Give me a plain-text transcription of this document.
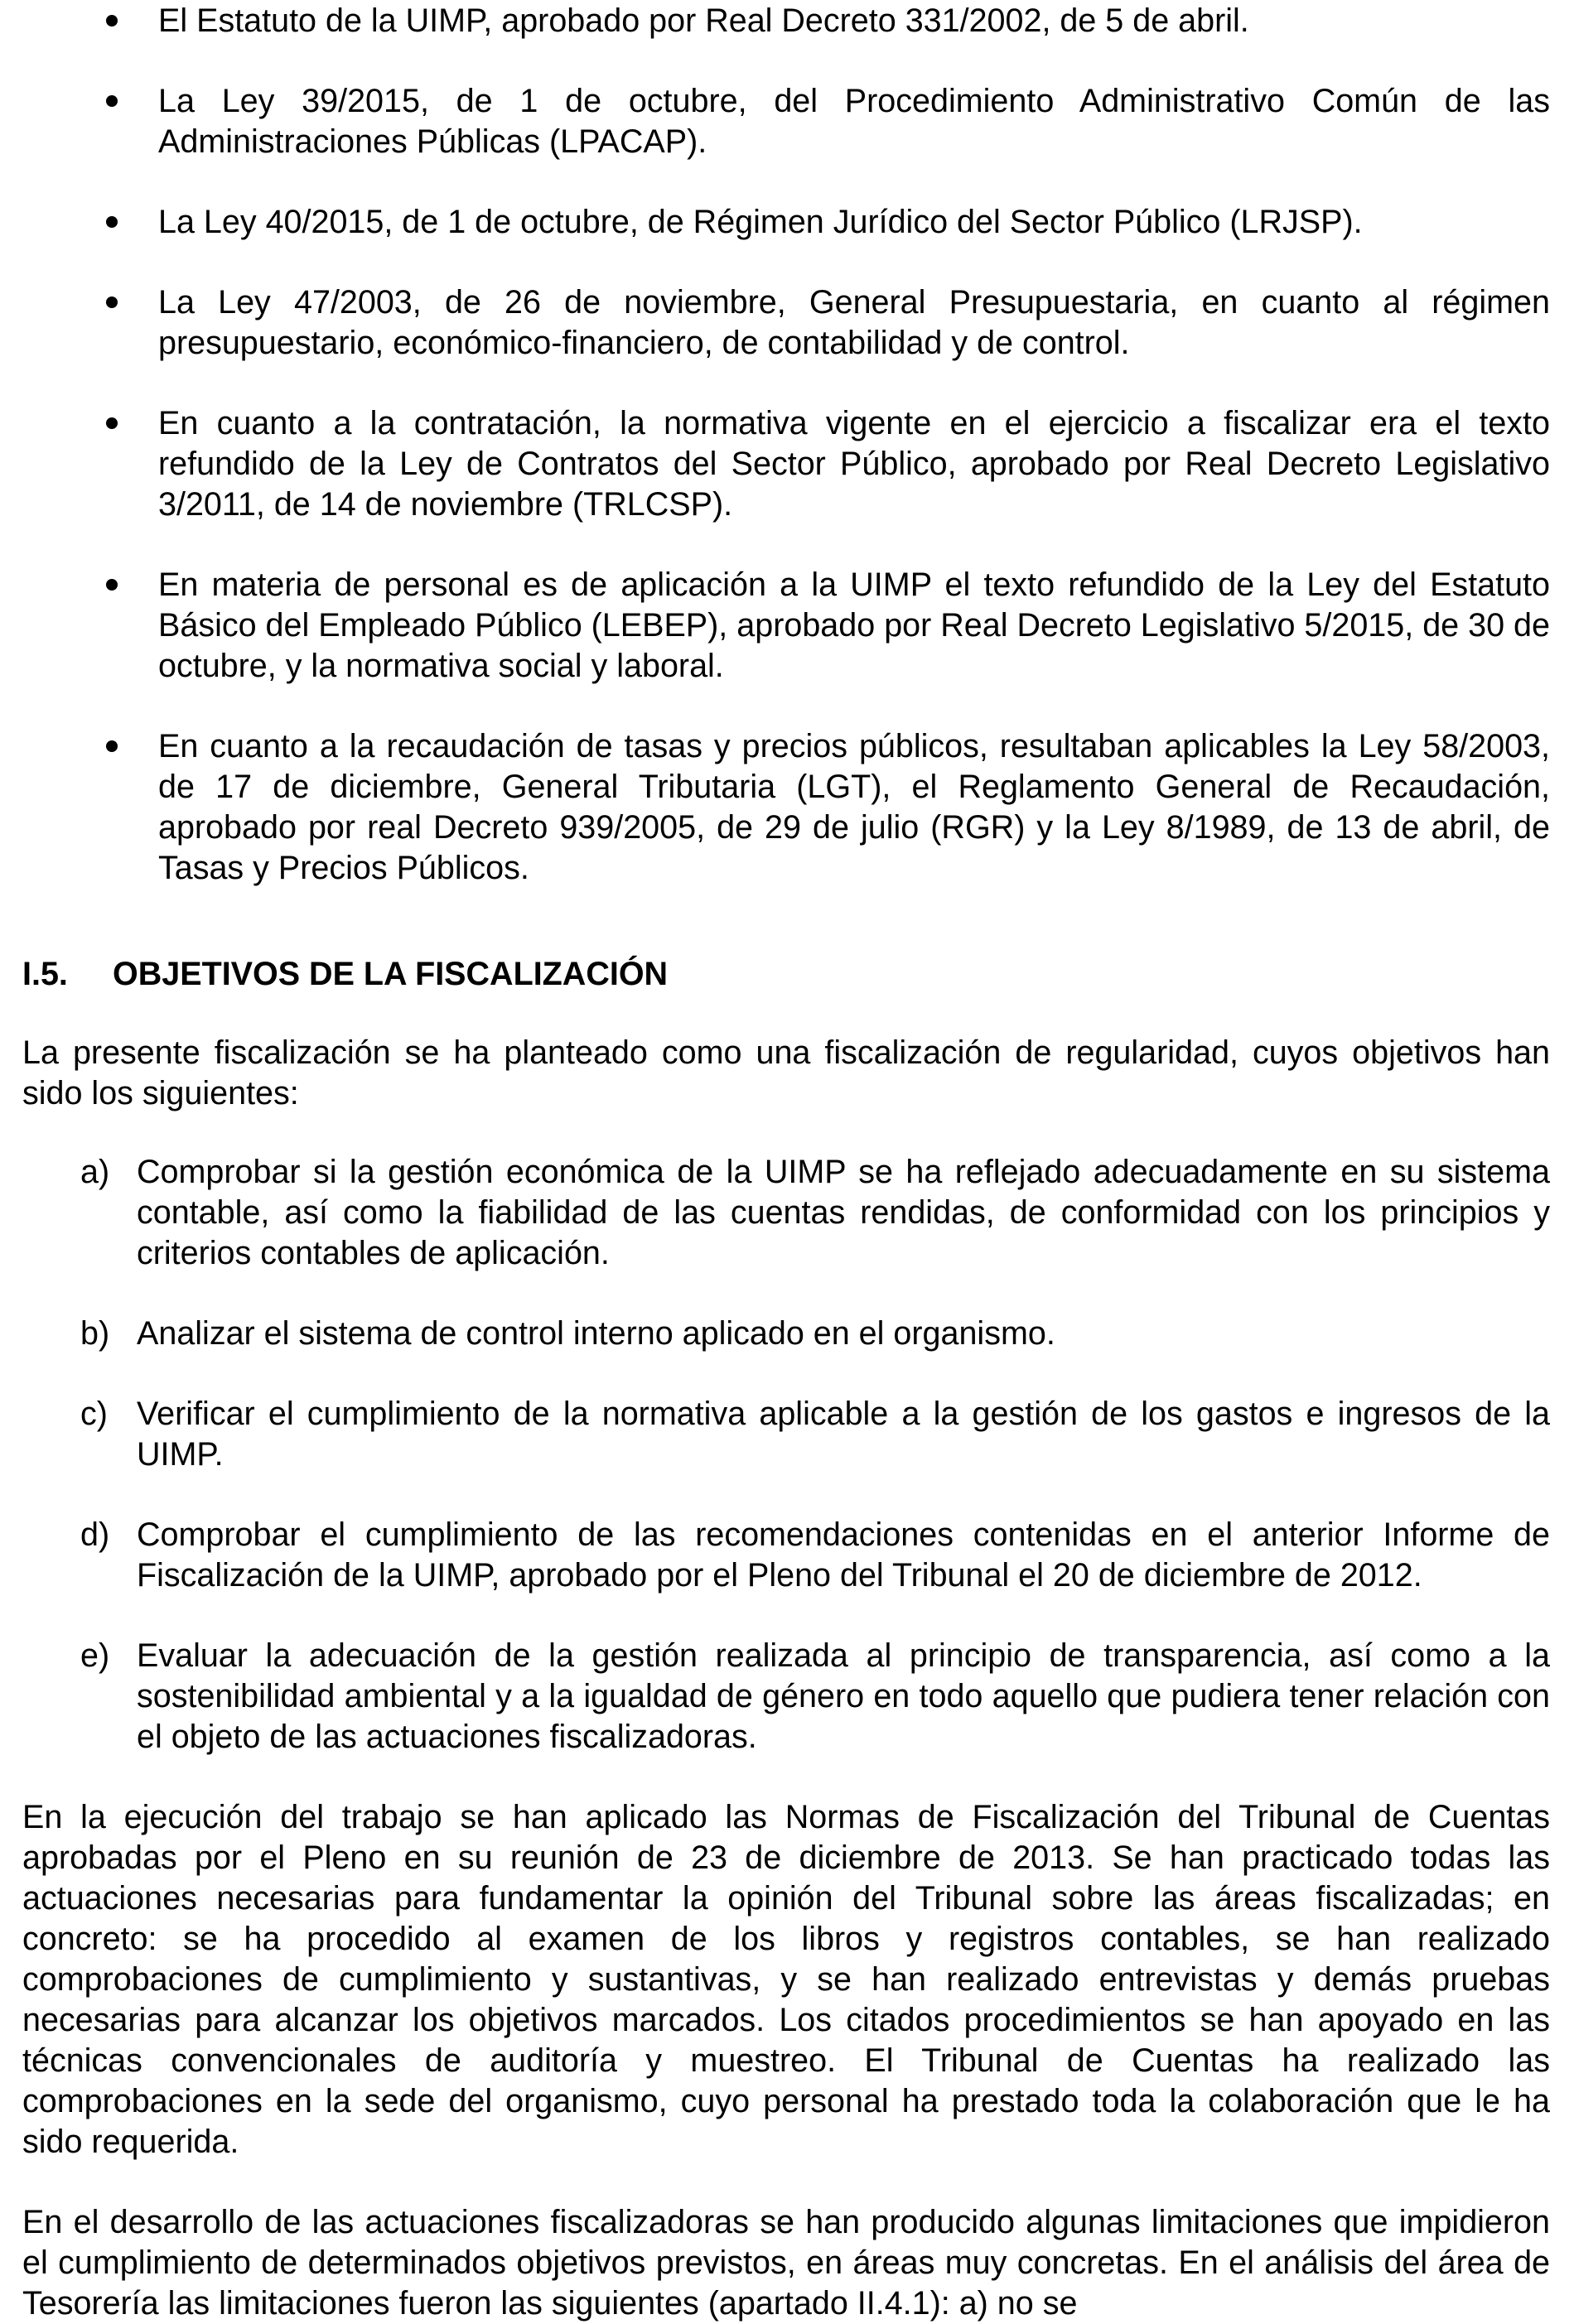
El Estatuto de la UIMP, aprobado por Real Decreto 331/2002, de 5 de abril.
La Ley 39/2015, de 1 de octubre, del Procedimiento Administrativo Común de las Administraciones Públicas (LPACAP).
La Ley 40/2015, de 1 de octubre, de Régimen Jurídico del Sector Público (LRJSP).
La Ley 47/2003, de 26 de noviembre, General Presupuestaria, en cuanto al régimen presupuestario, económico-financiero, de contabilidad y de control.
En cuanto a la contratación, la normativa vigente en el ejercicio a fiscalizar era el texto refundido de la Ley de Contratos del Sector Público, aprobado por Real Decreto Legislativo 3/2011, de 14 de noviembre (TRLCSP).
En materia de personal es de aplicación a la UIMP el texto refundido de la Ley del Estatuto Básico del Empleado Público (LEBEP), aprobado por Real Decreto Legislativo 5/2015, de 30 de octubre, y la normativa social y laboral.
En cuanto a la recaudación de tasas y precios públicos, resultaban aplicables la Ley 58/2003, de 17 de diciembre, General Tributaria (LGT), el Reglamento General de Recaudación, aprobado por real Decreto 939/2005, de 29 de julio (RGR) y la Ley 8/1989, de 13 de abril, de Tasas y Precios Públicos.
I.5.	OBJETIVOS DE LA FISCALIZACIÓN

La presente fiscalización se ha planteado como una fiscalización de regularidad, cuyos objetivos han sido los siguientes:

a) Comprobar si la gestión económica de la UIMP se ha reflejado adecuadamente en su sistema contable, así como la fiabilidad de las cuentas rendidas, de conformidad con los principios y criterios contables de aplicación.
b) Analizar el sistema de control interno aplicado en el organismo.
c) Verificar el cumplimiento de la normativa aplicable a la gestión de los gastos e ingresos de la UIMP.
d) Comprobar el cumplimiento de las recomendaciones contenidas en el anterior Informe de Fiscalización de la UIMP, aprobado por el Pleno del Tribunal el 20 de diciembre de 2012.
e) Evaluar la adecuación de la gestión realizada al principio de transparencia, así como a la sostenibilidad ambiental y a la igualdad de género en todo aquello que pudiera tener relación con el objeto de las actuaciones fiscalizadoras.

En la ejecución del trabajo se han aplicado las Normas de Fiscalización del Tribunal de Cuentas aprobadas por el Pleno en su reunión de 23 de diciembre de 2013. Se han practicado todas las actuaciones necesarias para fundamentar la opinión del Tribunal sobre las áreas fiscalizadas; en concreto: se ha procedido al examen de los libros y registros contables, se han realizado comprobaciones de cumplimiento y sustantivas, y se han realizado entrevistas y demás pruebas necesarias para alcanzar los objetivos marcados. Los citados procedimientos se han apoyado en las técnicas convencionales de auditoría y muestreo. El Tribunal de Cuentas ha realizado las comprobaciones en la sede del organismo, cuyo personal ha prestado toda la colaboración que le ha sido requerida.

En el desarrollo de las actuaciones fiscalizadoras se han producido algunas limitaciones que impidieron el cumplimiento de determinados objetivos previstos, en áreas muy concretas. En el análisis del área de Tesorería las limitaciones fueron las siguientes (apartado II.4.1): a) no se
